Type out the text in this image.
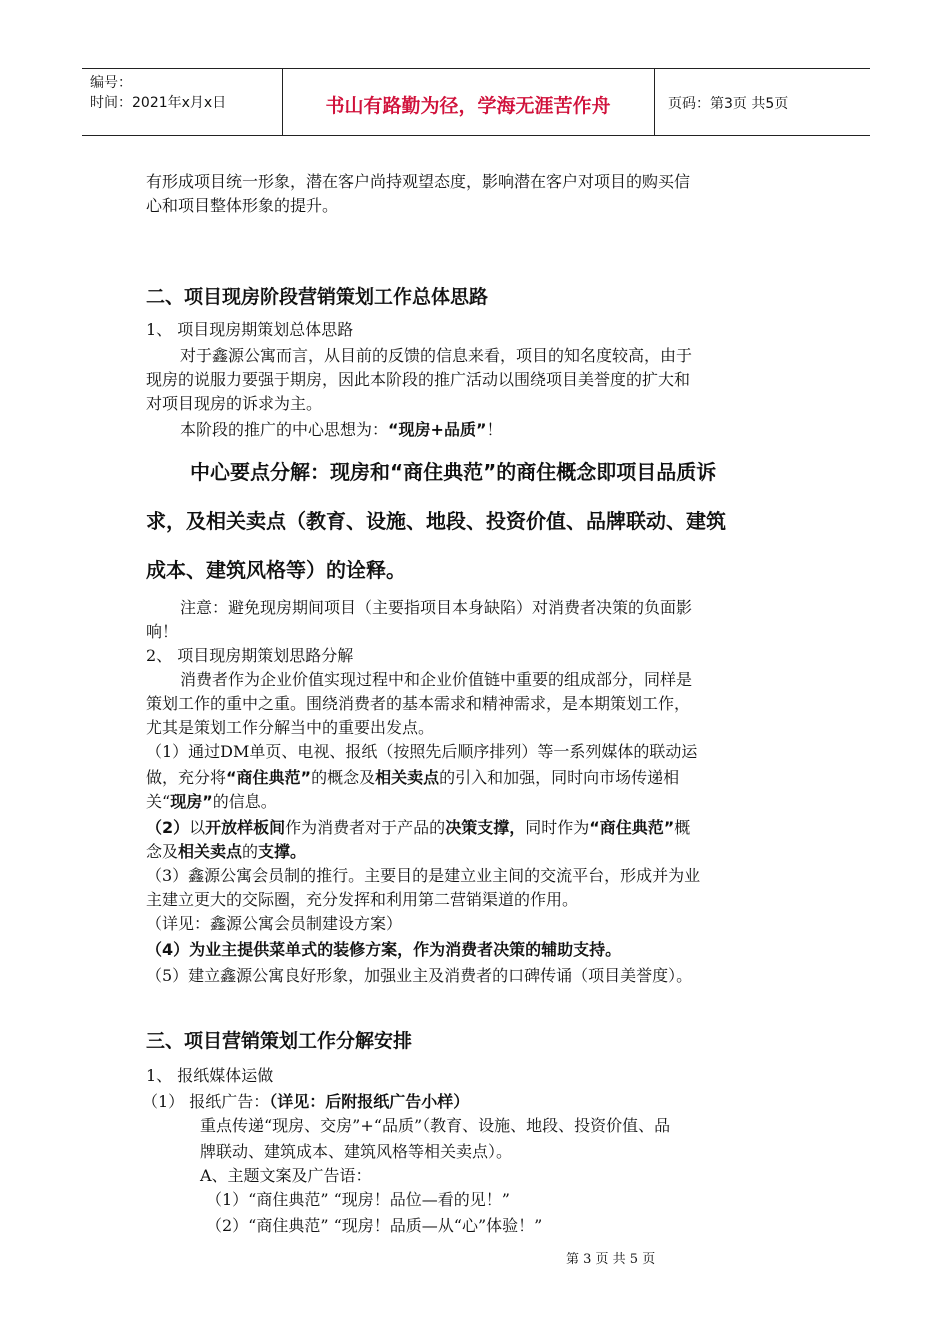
编号：
时间：2021年x月x日	书山有路勤为径，学海无涯苦作舟	页码：第3页 共5页
有形成项目统一形象，潜在客户尚持观望态度，影响潜在客户对项目的购买信
心和项目整体形象的提升。
二、项目现房阶段营销策划工作总体思路
1、 项目现房期策划总体思路
对于鑫源公寓而言，从目前的反馈的信息来看，项目的知名度较高，由于
现房的说服力要强于期房，因此本阶段的推广活动以围绕项目美誉度的扩大和
对项目现房的诉求为主。
本阶段的推广的中心思想为：“现房+品质”！
中心要点分解：现房和“商住典范”的商住概念即项目品质诉
求，及相关卖点（教育、设施、地段、投资价值、品牌联动、建筑
成本、建筑风格等）的诠释。
注意：避免现房期间项目（主要指项目本身缺陷）对消费者决策的负面影
响！
2、 项目现房期策划思路分解
消费者作为企业价值实现过程中和企业价值链中重要的组成部分，同样是
策划工作的重中之重。围绕消费者的基本需求和精神需求，是本期策划工作，
尤其是策划工作分解当中的重要出发点。
（1）通过DM单页、电视、报纸（按照先后顺序排列）等一系列媒体的联动运
做，充分将“商住典范”的概念及相关卖点的引入和加强，同时向市场传递相
关“现房”的信息。
（2）以开放样板间作为消费者对于产品的决策支撑，同时作为“商住典范”概
念及相关卖点的支撑。
（3）鑫源公寓会员制的推行。主要目的是建立业主间的交流平台，形成并为业
主建立更大的交际圈，充分发挥和利用第二营销渠道的作用。
（详见：鑫源公寓会员制建设方案）
（4）为业主提供菜单式的装修方案，作为消费者决策的辅助支持。
（5）建立鑫源公寓良好形象，加强业主及消费者的口碑传诵（项目美誉度）。
三、项目营销策划工作分解安排
1、 报纸媒体运做
（1） 报纸广告：（详见：后附报纸广告小样）
重点传递“现房、交房”+“品质”（教育、设施、地段、投资价值、品
牌联动、建筑成本、建筑风格等相关卖点）。
A、主题文案及广告语：
（1）“商住典范” “现房！品位—看的见！”
（2）“商住典范” “现房！品质—从“心”体验！”
第 3 页 共 5 页
